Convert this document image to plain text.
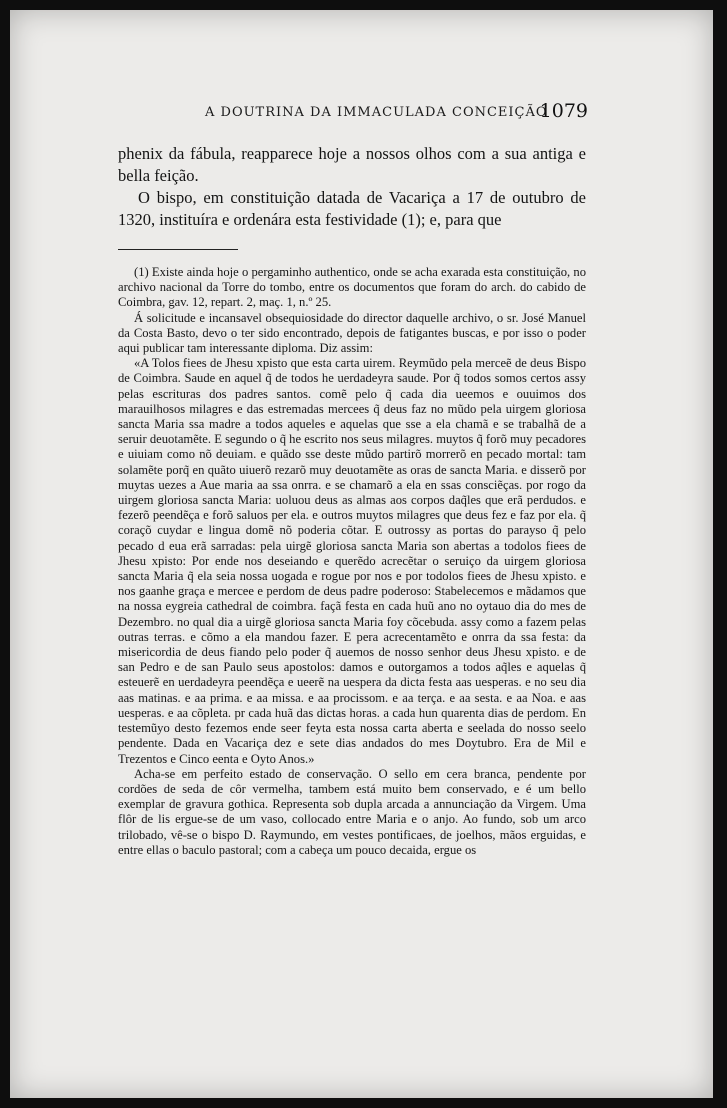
A DOUTRINA DA IMMACULADA CONCEIÇÃO
1079

phenix da fábula, reapparece hoje a nossos olhos com a sua antiga e bella feição.

O bispo, em constituição datada de Vacariça a 17 de outubro de 1320, instituíra e ordenára esta festividade (1); e, para que

(1) Existe ainda hoje o pergaminho authentico, onde se acha exarada esta constituição, no archivo nacional da Torre do tombo, entre os documentos que foram do arch. do cabido de Coimbra, gav. 12, repart. 2, maç. 1, n.º 25.

Á solicitude e incansavel obsequiosidade do director daquelle archivo, o sr. José Manuel da Costa Basto, devo o ter sido encontrado, depois de fatigantes buscas, e por isso o poder aqui publicar tam interessante diploma. Diz assim:

«A Tolos fiees de Jhesu xpisto que esta carta uirem. Reymũdo pela merceẽ de deus Bispo de Coimbra. Saude en aquel q̃ de todos he uerdadeyra saude. Por q̃ todos somos certos assy pelas escrituras dos padres santos. comẽ pelo q̃ cada dia ueemos e ouuimos dos marauilhosos milagres e das estremadas mercees q̃ deus faz no mũdo pela uirgem gloriosa sancta Maria ssa madre a todos aqueles e aquelas que sse a ela chamã e se trabalhã de a seruir deuotamẽte. E segundo o q̃ he escrito nos seus milagres. muytos q̃ forõ muy pecadores e uiuiam como nõ deuiam. e quãdo sse deste mũdo partirõ morrerõ en pecado mortal: tam solamẽte porq̃ en quãto uiuerõ rezarõ muy deuotamẽte as oras de sancta Maria. e disserõ por muytas uezes a Aue maria aa ssa onrra. e se chamarõ a ela en ssas consciẽças. por rogo da uirgem gloriosa sancta Maria: uoluou deus as almas aos corpos daq̃les que erã perdudos. e fezerõ peendẽça e forõ saluos per ela. e outros muytos milagres que deus fez e faz por ela. q̃ coraçõ cuydar e lingua domẽ nõ poderia cõtar. E outrossy as portas do parayso q̃ pelo pecado d eua erã sarradas: pela uirgẽ gloriosa sancta Maria son abertas a todolos fiees de Jhesu xpisto: Por ende nos deseiando e querẽdo acrecẽtar o seruiço da uirgem gloriosa sancta Maria q̃ ela seia nossa uogada e rogue por nos e por todolos fiees de Jhesu xpisto. e nos gaanhe graça e mercee e perdom de deus padre poderoso: Stabelecemos e mãdamos que na nossa eygreia cathedral de coimbra. façã festa en cada huũ ano no oytauo dia do mes de Dezembro. no qual dia a uirgẽ gloriosa sancta Maria foy cõcebuda. assy como a fazem pelas outras terras. e cõmo a ela mandou fazer. E pera acrecentamẽto e onrra da ssa festa: da misericordia de deus fiando pelo poder q̃ auemos de nosso senhor deus Jhesu xpisto. e de san Pedro e de san Paulo seus apostolos: damos e outorgamos a todos aq̃les e aquelas q̃ esteuerẽ en uerdadeyra peendẽça e ueerẽ na uespera da dicta festa aas uesperas. e no seu dia aas matinas. e aa prima. e aa missa. e aa procissom. e aa terça. e aa sesta. e aa Noa. e aas uesperas. e aa cõpleta. pr cada huã das dictas horas. a cada hun quarenta dias de perdom. En testemũyo desto fezemos ende seer feyta esta nossa carta aberta e seelada do nosso seelo pendente. Dada en Vacariça dez e sete dias andados do mes Doytubro. Era de Mil e Trezentos e Cinco eenta e Oyto Anos.»

Acha-se em perfeito estado de conservação. O sello em cera branca, pendente por cordões de seda de côr vermelha, tambem está muito bem conservado, e é um bello exemplar de gravura gothica. Representa sob dupla arcada a annunciação da Virgem. Uma flôr de lis ergue-se de um vaso, collocado entre Maria e o anjo. Ao fundo, sob um arco trilobado, vê-se o bispo D. Raymundo, em vestes pontificaes, de joelhos, mãos erguidas, e entre ellas o baculo pastoral; com a cabeça um pouco decaida, ergue os
